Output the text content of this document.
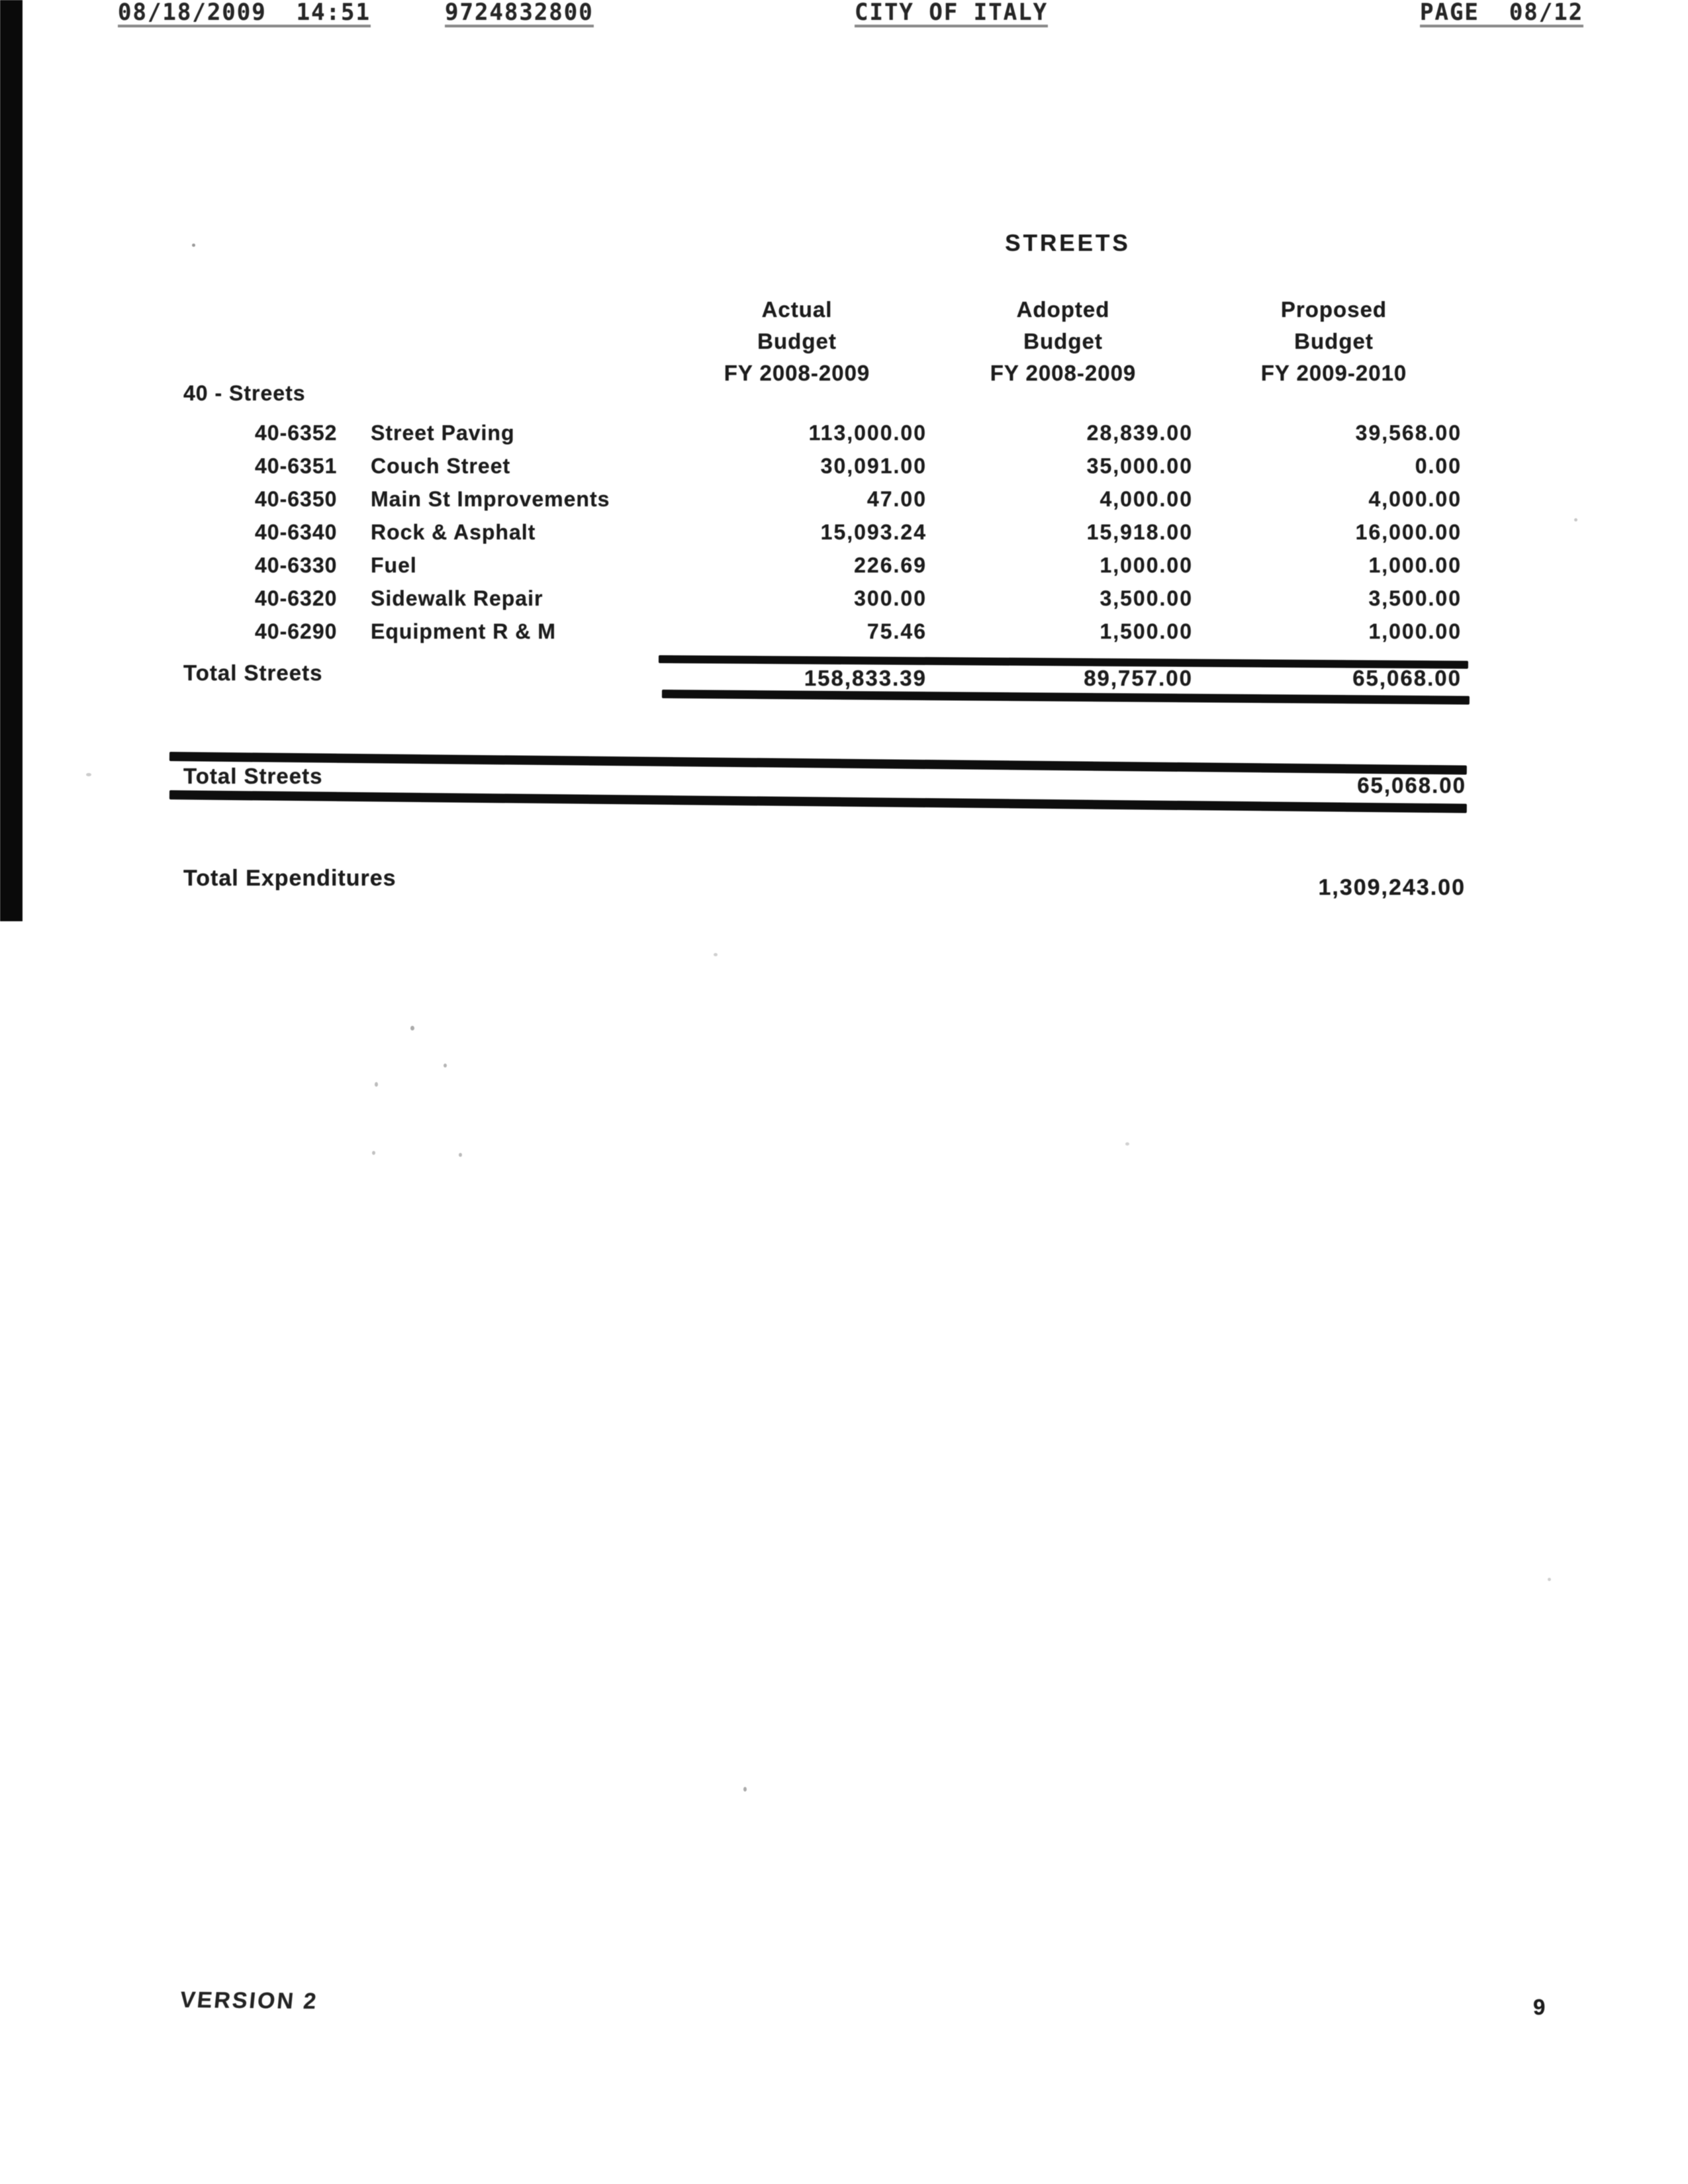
08/18/2009  14:51	9724832800	CITY OF ITALY	PAGE  08/12
STREETS
Actual
Budget
FY 2008-2009
Adopted
Budget
FY 2008-2009
Proposed
Budget
FY 2009-2010
40 - Streets
40-6352 Street Paving	113,000.00	28,839.00	39,568.00
40-6351 Couch Street	30,091.00	35,000.00	0.00
40-6350 Main St Improvements	47.00	4,000.00	4,000.00
40-6340 Rock & Asphalt	15,093.24	15,918.00	16,000.00
40-6330 Fuel	226.69	1,000.00	1,000.00
40-6320 Sidewalk Repair	300.00	3,500.00	3,500.00
40-6290 Equipment R & M	75.46	1,500.00	1,000.00
Total Streets	158,833.39	89,757.00	65,068.00
Total Streets	65,068.00
Total Expenditures	1,309,243.00
VERSION 2	9
